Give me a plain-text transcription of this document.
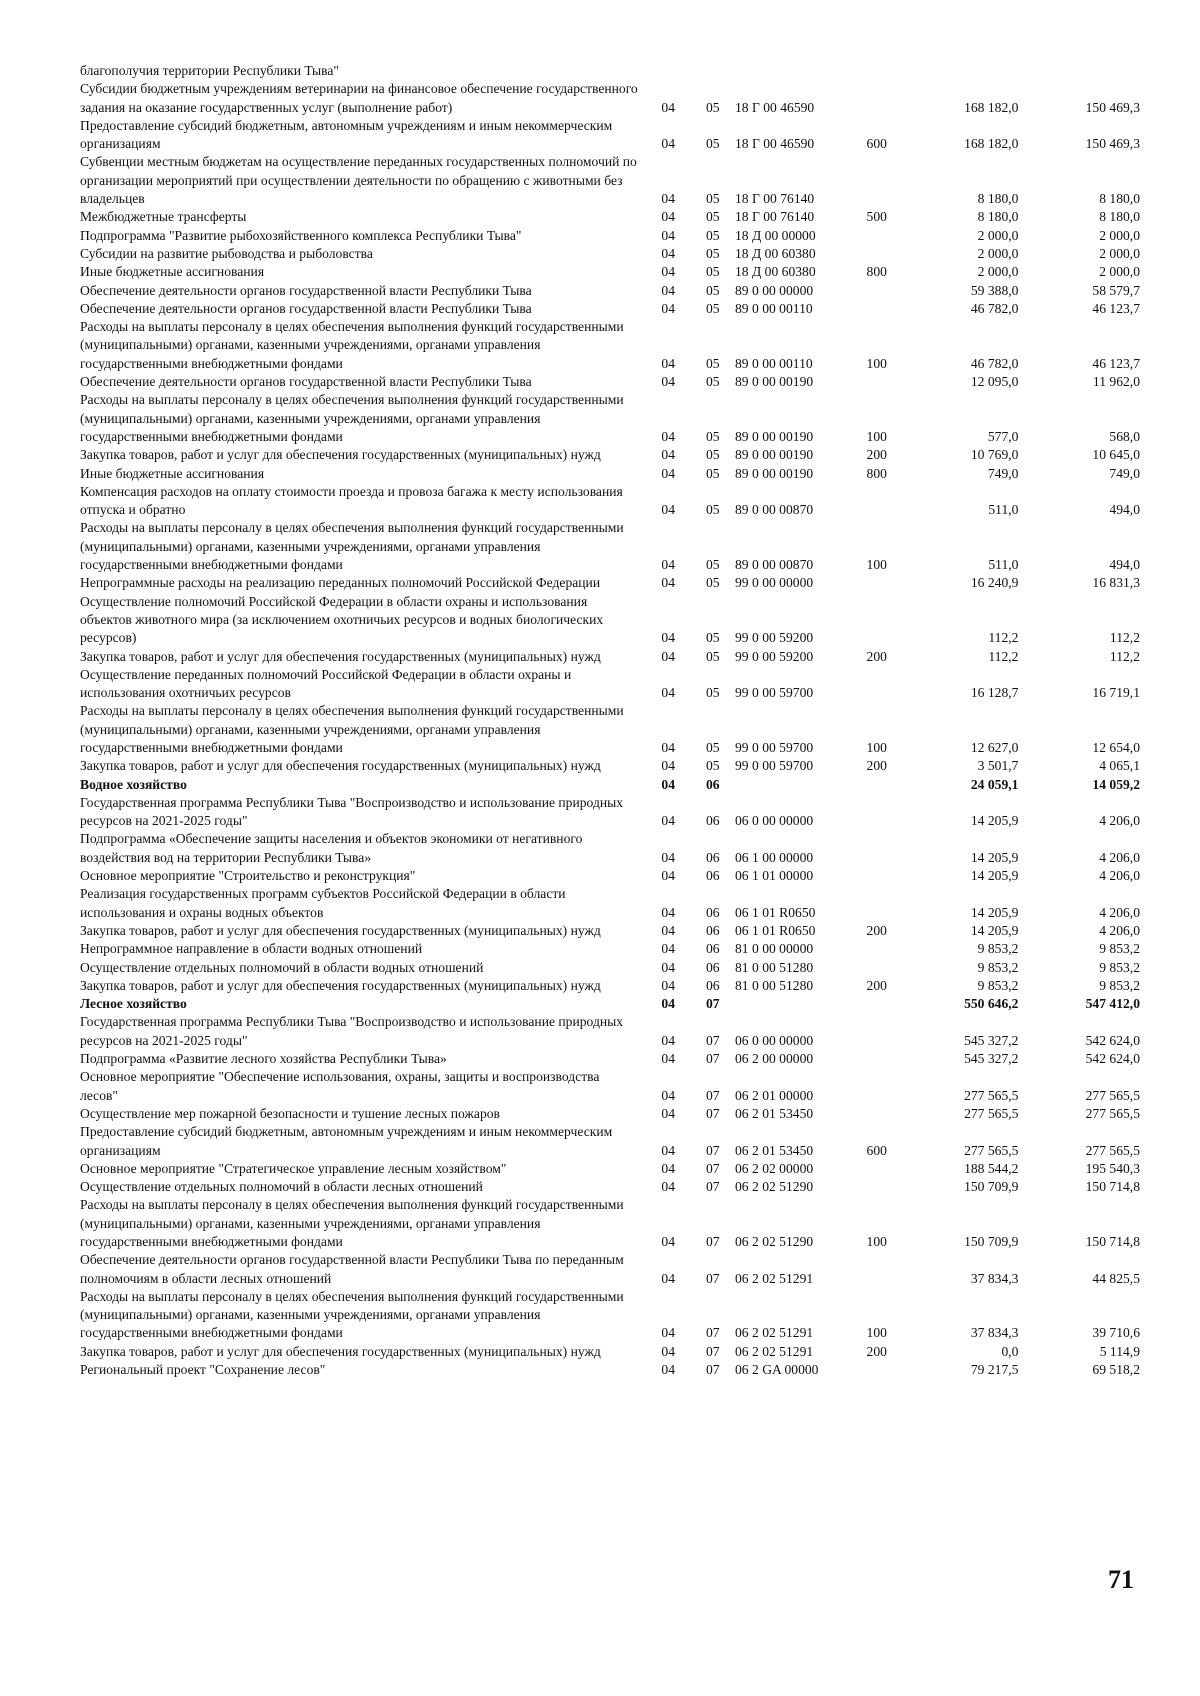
благополучия территории Республики Тыва"						
Субсидии бюджетным учреждениям ветеринарии на финансовое обеспечение государственного задания на оказание государственных услуг (выполнение работ)	04	05	18 Г 00 46590		168 182,0	150 469,3
Предоставление субсидий бюджетным, автономным учреждениям и иным некоммерческим организациям	04	05	18 Г 00 46590	600	168 182,0	150 469,3
Субвенции местным бюджетам на осуществление переданных государственных полномочий по организации мероприятий при осуществлении деятельности по обращению с животными без владельцев	04	05	18 Г 00 76140		8 180,0	8 180,0
Межбюджетные трансферты	04	05	18 Г 00 76140	500	8 180,0	8 180,0
Подпрограмма "Развитие рыбохозяйственного комплекса Республики Тыва"	04	05	18 Д 00 00000		2 000,0	2 000,0
Субсидии на развитие рыбоводства и рыболовства	04	05	18 Д 00 60380		2 000,0	2 000,0
Иные бюджетные ассигнования	04	05	18 Д 00 60380	800	2 000,0	2 000,0
Обеспечение деятельности органов государственной власти Республики Тыва	04	05	89 0 00 00000		59 388,0	58 579,7
Обеспечение деятельности органов государственной власти Республики Тыва	04	05	89 0 00 00110		46 782,0	46 123,7
Расходы на выплаты персоналу в целях обеспечения выполнения функций государственными (муниципальными) органами, казенными учреждениями, органами управления государственными внебюджетными фондами	04	05	89 0 00 00110	100	46 782,0	46 123,7
Обеспечение деятельности органов государственной власти Республики Тыва	04	05	89 0 00 00190		12 095,0	11 962,0
Расходы на выплаты персоналу в целях обеспечения выполнения функций государственными (муниципальными) органами, казенными учреждениями, органами управления государственными внебюджетными фондами	04	05	89 0 00 00190	100	577,0	568,0
Закупка товаров, работ и услуг для обеспечения государственных (муниципальных) нужд	04	05	89 0 00 00190	200	10 769,0	10 645,0
Иные бюджетные ассигнования	04	05	89 0 00 00190	800	749,0	749,0
Компенсация расходов на оплату стоимости проезда и провоза багажа к месту использования отпуска и обратно	04	05	89 0 00 00870		511,0	494,0
Расходы на выплаты персоналу в целях обеспечения выполнения функций государственными (муниципальными) органами, казенными учреждениями, органами управления государственными внебюджетными фондами	04	05	89 0 00 00870	100	511,0	494,0
Непрограммные расходы на реализацию переданных полномочий Российской Федерации	04	05	99 0 00 00000		16 240,9	16 831,3
Осуществление полномочий Российской Федерации в области охраны и использования объектов животного мира (за исключением охотничьих ресурсов и водных биологических ресурсов)	04	05	99 0 00 59200		112,2	112,2
Закупка товаров, работ и услуг для обеспечения государственных (муниципальных) нужд	04	05	99 0 00 59200	200	112,2	112,2
Осуществление переданных полномочий Российской Федерации в области охраны и использования охотничьих ресурсов	04	05	99 0 00 59700		16 128,7	16 719,1
Расходы на выплаты персоналу в целях обеспечения выполнения функций государственными (муниципальными) органами, казенными учреждениями, органами управления государственными внебюджетными фондами	04	05	99 0 00 59700	100	12 627,0	12 654,0
Закупка товаров, работ и услуг для обеспечения государственных (муниципальных) нужд	04	05	99 0 00 59700	200	3 501,7	4 065,1
Водное хозяйство	04	06			24 059,1	14 059,2
Государственная программа Республики Тыва "Воспроизводство и использование природных ресурсов на 2021-2025 годы"	04	06	06 0 00 00000		14 205,9	4 206,0
Подпрограмма «Обеспечение защиты населения и объектов экономики от негативного воздействия вод на территории Республики Тыва»	04	06	06 1 00 00000		14 205,9	4 206,0
Основное мероприятие "Строительство и реконструкция"	04	06	06 1 01 00000		14 205,9	4 206,0
Реализация государственных программ субъектов Российской Федерации в области использования и охраны водных объектов	04	06	06 1 01 R0650		14 205,9	4 206,0
Закупка товаров, работ и услуг для обеспечения государственных (муниципальных) нужд	04	06	06 1 01 R0650	200	14 205,9	4 206,0
Непрограммное направление в области водных отношений	04	06	81 0 00 00000		9 853,2	9 853,2
Осуществление отдельных полномочий в области водных отношений	04	06	81 0 00 51280		9 853,2	9 853,2
Закупка товаров, работ и услуг для обеспечения государственных (муниципальных) нужд	04	06	81 0 00 51280	200	9 853,2	9 853,2
Лесное хозяйство	04	07			550 646,2	547 412,0
Государственная программа Республики Тыва "Воспроизводство и использование природных ресурсов на 2021-2025 годы"	04	07	06 0 00 00000		545 327,2	542 624,0
Подпрограмма «Развитие лесного хозяйства Республики Тыва»	04	07	06 2 00 00000		545 327,2	542 624,0
Основное мероприятие "Обеспечение использования, охраны, защиты и воспроизводства лесов"	04	07	06 2 01 00000		277 565,5	277 565,5
Осуществление мер пожарной безопасности и тушение лесных пожаров	04	07	06 2 01 53450		277 565,5	277 565,5
Предоставление субсидий бюджетным, автономным учреждениям и иным некоммерческим организациям	04	07	06 2 01 53450	600	277 565,5	277 565,5
Основное мероприятие "Стратегическое управление лесным хозяйством"	04	07	06 2 02 00000		188 544,2	195 540,3
Осуществление отдельных полномочий в области лесных отношений	04	07	06 2 02 51290		150 709,9	150 714,8
Расходы на выплаты персоналу в целях обеспечения выполнения функций государственными (муниципальными) органами, казенными учреждениями, органами управления государственными внебюджетными фондами	04	07	06 2 02 51290	100	150 709,9	150 714,8
Обеспечение деятельности органов государственной власти Республики Тыва по переданным полномочиям в области лесных отношений	04	07	06 2 02 51291		37 834,3	44 825,5
Расходы на выплаты персоналу в целях обеспечения выполнения функций государственными (муниципальными) органами, казенными учреждениями, органами управления государственными внебюджетными фондами	04	07	06 2 02 51291	100	37 834,3	39 710,6
Закупка товаров, работ и услуг для обеспечения государственных (муниципальных) нужд	04	07	06 2 02 51291	200	0,0	5 114,9
Региональный проект "Сохранение лесов"	04	07	06 2 GA 00000		79 217,5	69 518,2
71
